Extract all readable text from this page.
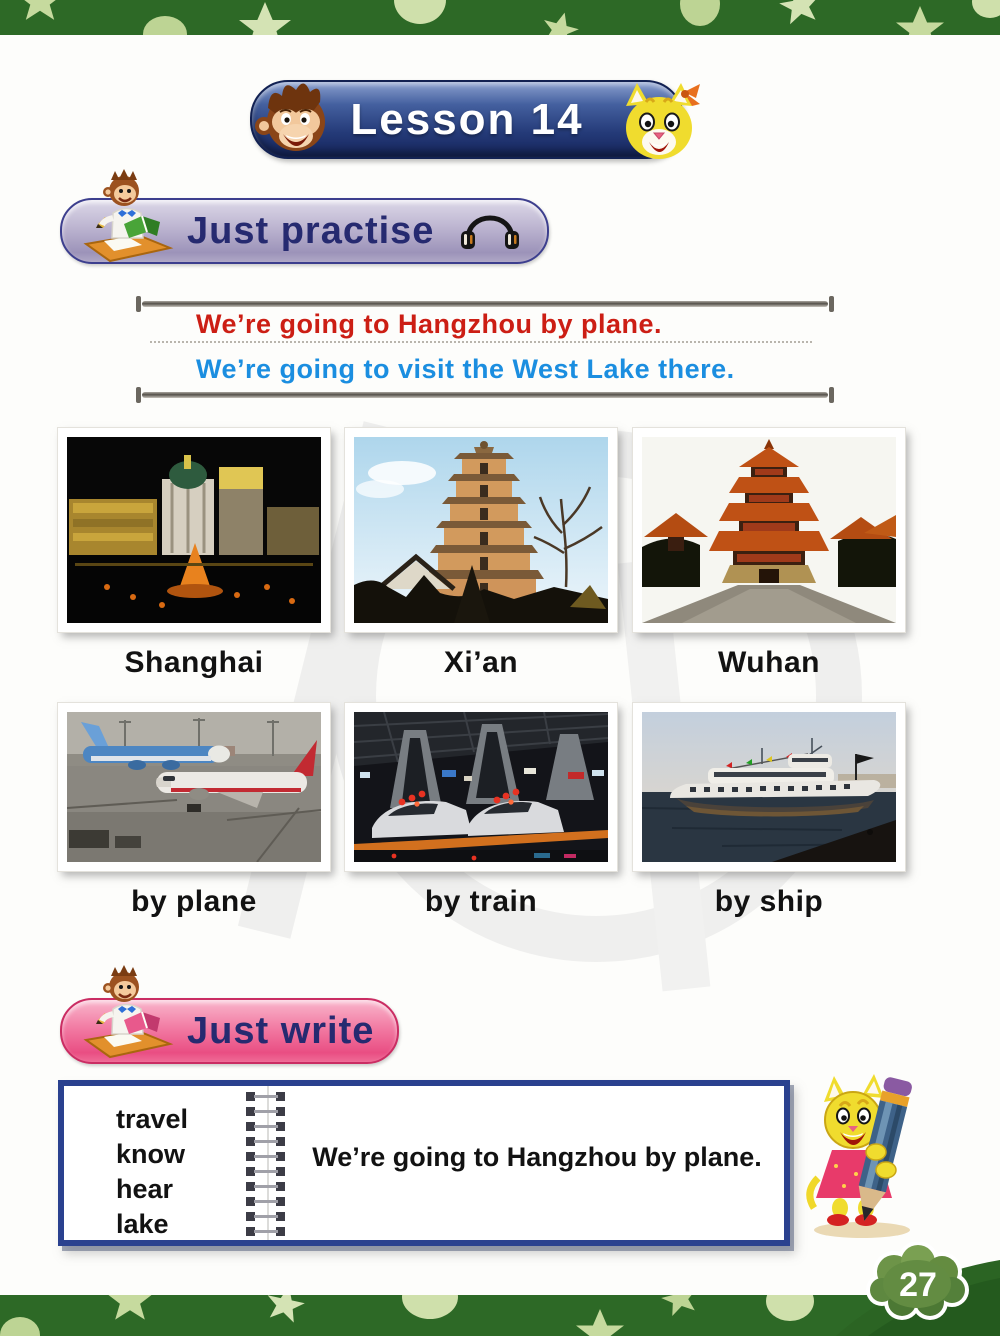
Lesson 14
Just practise
We’re going to Hangzhou by plane.
We’re going to visit the West Lake there.
Shanghai	Xi’an	Wuhan
by plane	by train	by ship
Just write
travel
know
hear
lake
We’re going to Hangzhou by plane.
27
